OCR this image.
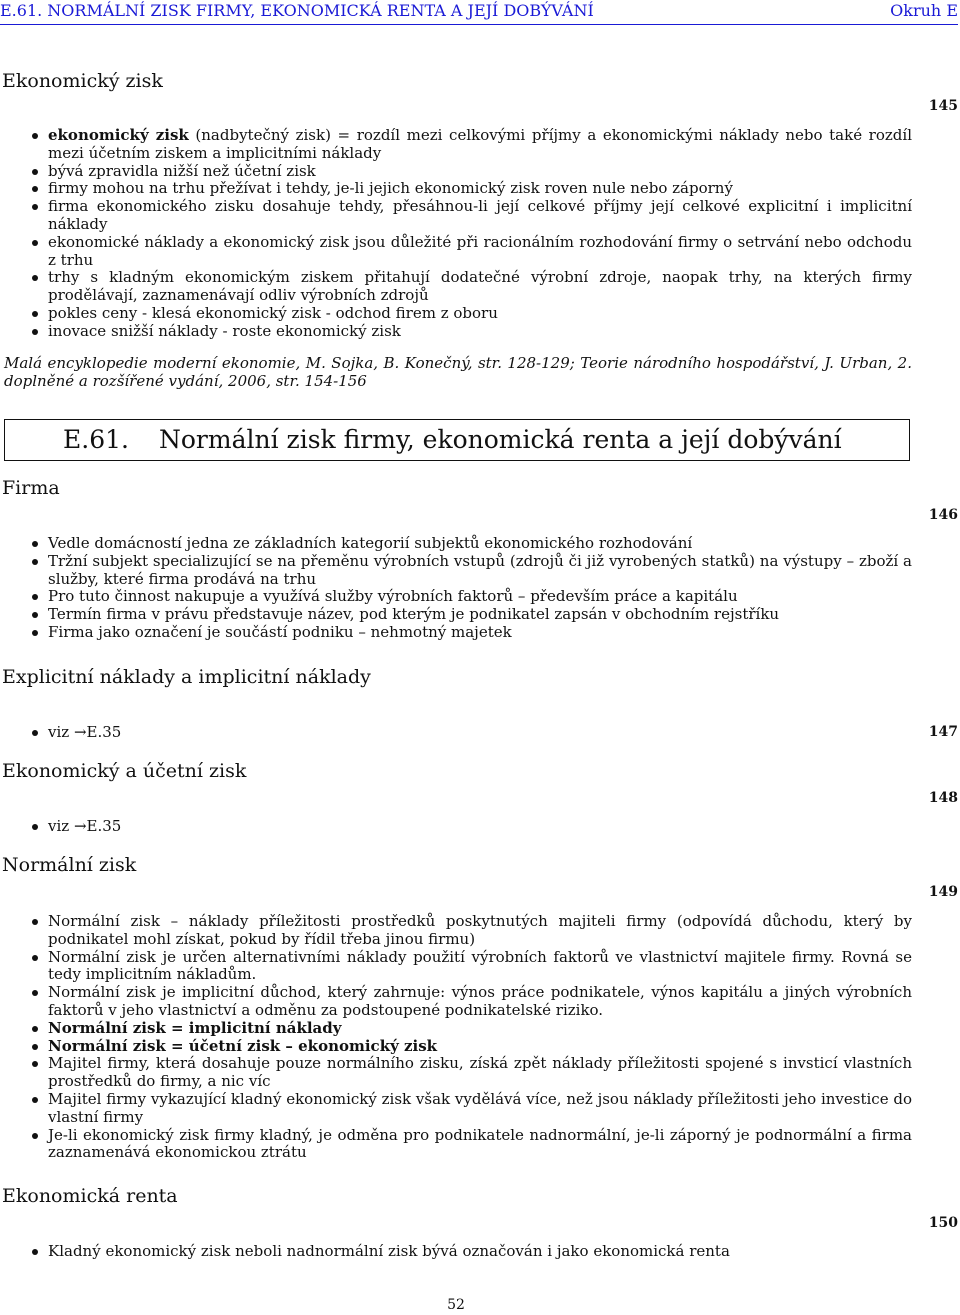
E.61. NORMÁLNÍ ZISK FIRMY, EKONOMICKÁ RENTA A JEJÍ DOBÝVÁNÍ	Okruh E
Ekonomický zisk
145
ekonomický zisk (nadbytečný zisk) = rozdíl mezi celkovými příjmy a ekonomickými náklady nebo také rozdíl mezi účetním ziskem a implicitními náklady
bývá zpravidla nižší než účetní zisk
firmy mohou na trhu přežívat i tehdy, je-li jejich ekonomický zisk roven nule nebo záporný
firma ekonomického zisku dosahuje tehdy, přesáhnou-li její celkové příjmy její celkové explicitní i implicitní náklady
ekonomické náklady a ekonomický zisk jsou důležité při racionálním rozhodování firmy o setrvání nebo odchodu z trhu
trhy s kladným ekonomickým ziskem přitahují dodatečné výrobní zdroje, naopak trhy, na kterých firmy prodělávají, zaznamenávají odliv výrobních zdrojů
pokles ceny - klesá ekonomický zisk - odchod firem z oboru
inovace snižší náklady - roste ekonomický zisk
Malá encyklopedie moderní ekonomie, M. Sojka, B. Konečný, str. 128-129; Teorie národního hospodářství, J. Urban, 2. doplněné a rozšířené vydání, 2006, str. 154-156
E.61. Normální zisk firmy, ekonomická renta a její dobývání
Firma
146
Vedle domácností jedna ze základních kategorií subjektů ekonomického rozhodování
Tržní subjekt specializující se na přeměnu výrobních vstupů (zdrojů či již vyrobených statků) na výstupy – zboží a služby, které firma prodává na trhu
Pro tuto činnost nakupuje a využívá služby výrobních faktorů – především práce a kapitálu
Termín firma v právu představuje název, pod kterým je podnikatel zapsán v obchodním rejstříku
Firma jako označení je součástí podniku – nehmotný majetek
Explicitní náklady a implicitní náklady
147
viz →E.35
Ekonomický a účetní zisk
148
viz →E.35
Normální zisk
149
Normální zisk – náklady příležitosti prostředků poskytnutých majiteli firmy (odpovídá důchodu, který by podnikatel mohl získat, pokud by řídil třeba jinou firmu)
Normální zisk je určen alternativními náklady použití výrobních faktorů ve vlastnictví majitele firmy. Rovná se tedy implicitním nákladům.
Normální zisk je implicitní důchod, který zahrnuje: výnos práce podnikatele, výnos kapitálu a jiných výrobních faktorů v jeho vlastnictví a odměnu za podstoupené podnikatelské riziko.
Normální zisk = implicitní náklady
Normální zisk = účetní zisk – ekonomický zisk
Majitel firmy, která dosahuje pouze normálního zisku, získá zpět náklady příležitosti spojené s invsticí vlastních prostředků do firmy, a nic víc
Majitel firmy vykazující kladný ekonomický zisk však vydělává více, než jsou náklady příležitosti jeho investice do vlastní firmy
Je-li ekonomický zisk firmy kladný, je odměna pro podnikatele nadnormální, je-li záporný je podnormální a firma zaznamenává ekonomickou ztrátu
Ekonomická renta
150
Kladný ekonomický zisk neboli nadnormální zisk bývá označován i jako ekonomická renta
52
